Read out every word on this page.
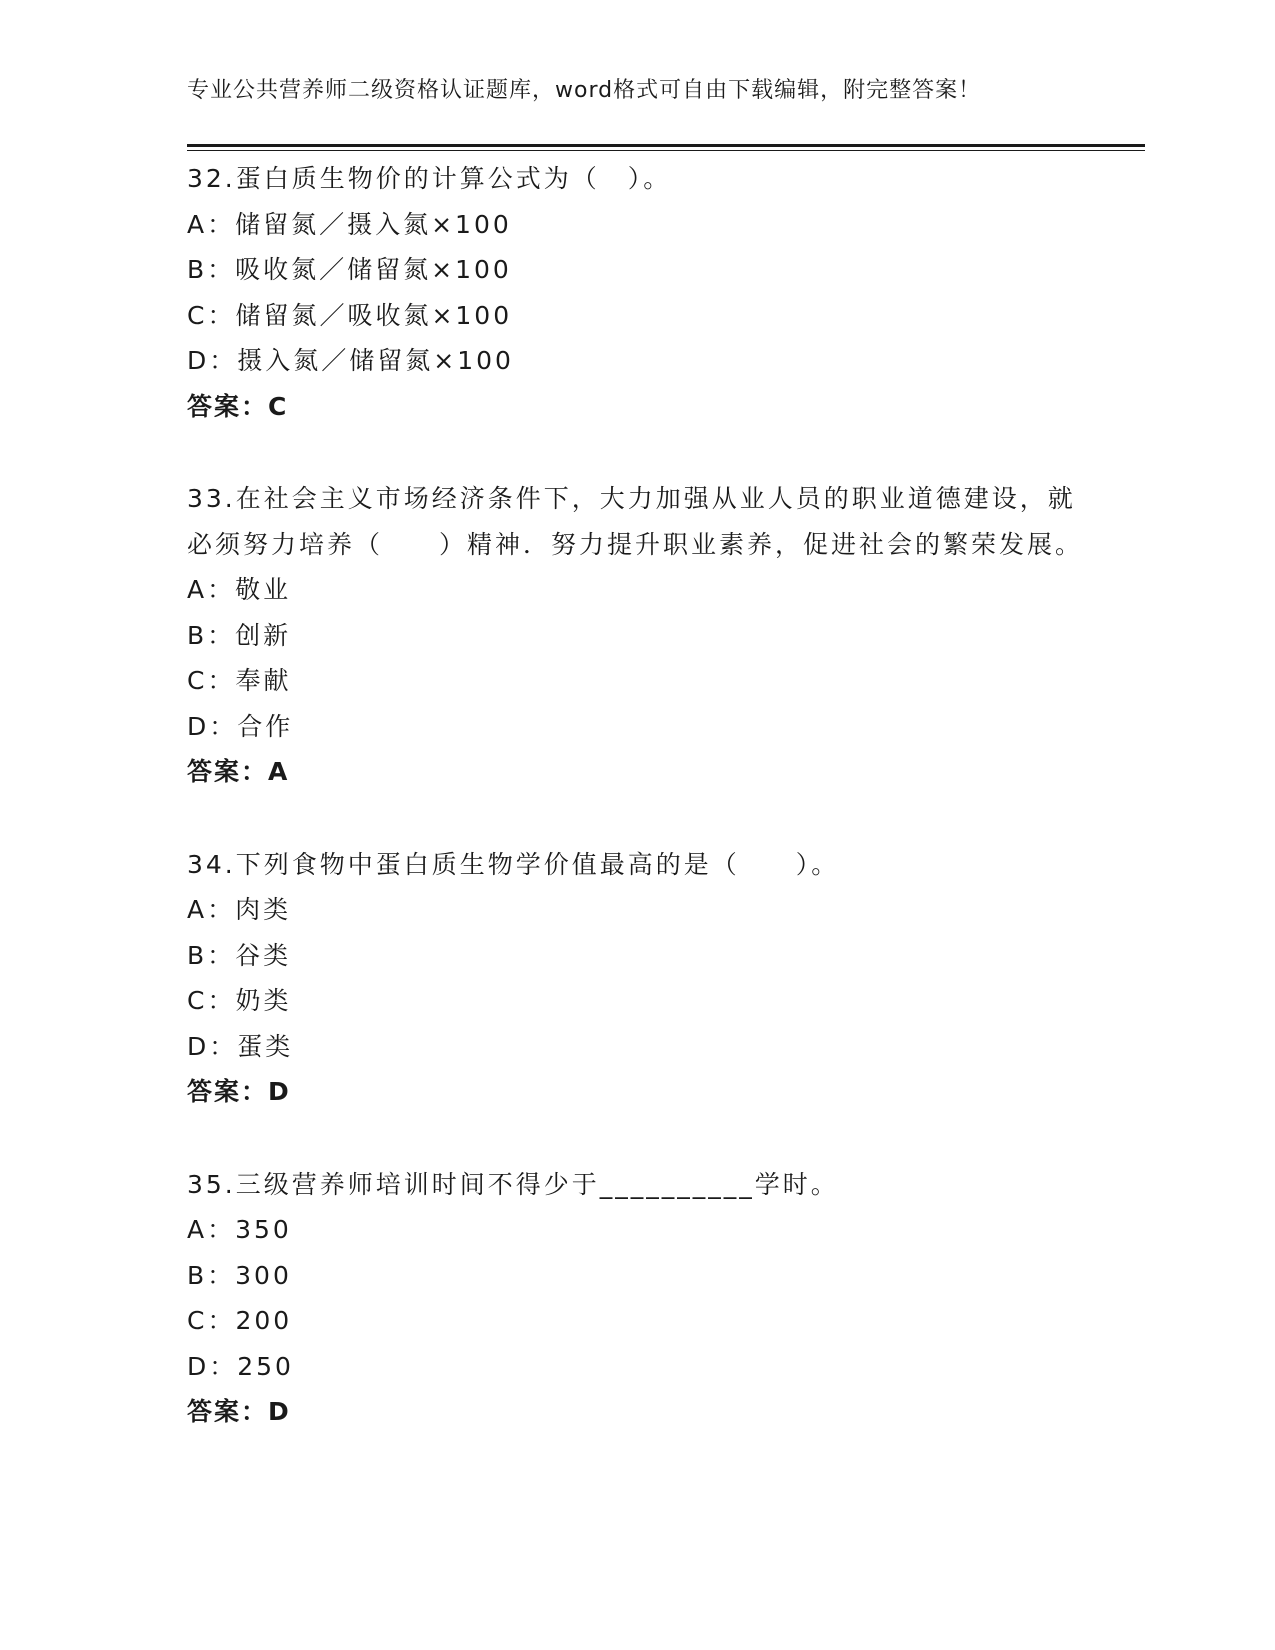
专业公共营养师二级资格认证题库，word格式可自由下载编辑，附完整答案！
32.蛋白质生物价的计算公式为（　）。
A：储留氮／摄入氮×100
B：吸收氮／储留氮×100
C：储留氮／吸收氮×100
D：摄入氮／储留氮×100
答案：C
33.在社会主义市场经济条件下，大力加强从业人员的职业道德建设，就必须努力培养（　　）精神．努力提升职业素养，促进社会的繁荣发展。
A：敬业
B：创新
C：奉献
D：合作
答案：A
34.下列食物中蛋白质生物学价值最高的是（　　）。
A：肉类
B：谷类
C：奶类
D：蛋类
答案：D
35.三级营养师培训时间不得少于__________学时。
A：350
B：300
C：200
D：250
答案：D
